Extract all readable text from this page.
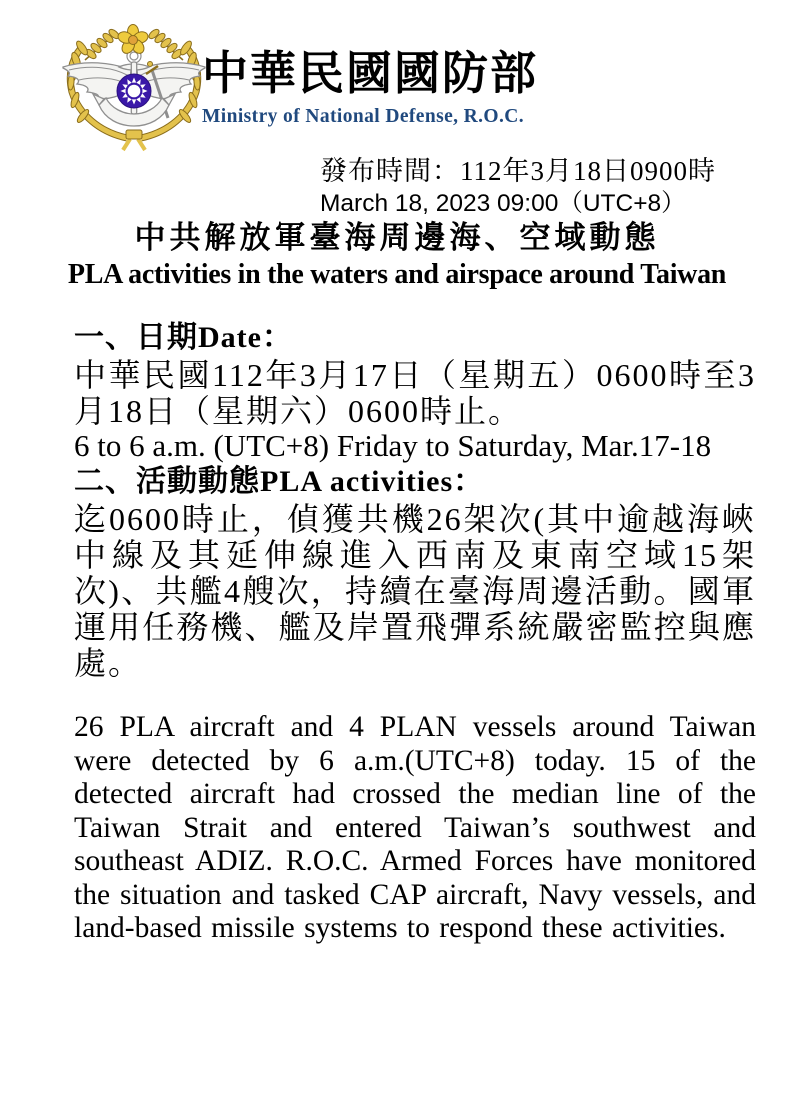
中華民國國防部
Ministry of National Defense, R.O.C.
發布時間：112年3月18日0900時
March 18, 2023 09:00（UTC+8）
中共解放軍臺海周邊海、空域動態
PLA activities in the waters and airspace around Taiwan
一、日期Date：

中華民國112年3月17日（星期五）0600時至3月18日（星期六）0600時止。

6 to 6 a.m. (UTC+8) Friday to Saturday, Mar.17-18

二、活動動態PLA activities：

迄0600時止，偵獲共機26架次(其中逾越海峽中線及其延伸線進入西南及東南空域15架次)、共艦4艘次，持續在臺海周邊活動。國軍運用任務機、艦及岸置飛彈系統嚴密監控與應處。

26 PLA aircraft and 4 PLAN vessels around Taiwan were detected by 6 a.m.(UTC+8) today. 15 of the detected aircraft had crossed the median line of the Taiwan Strait and entered Taiwan’s southwest and southeast ADIZ. R.O.C. Armed Forces have monitored the situation and tasked CAP aircraft, Navy vessels, and land-based missile systems to respond these activities.
